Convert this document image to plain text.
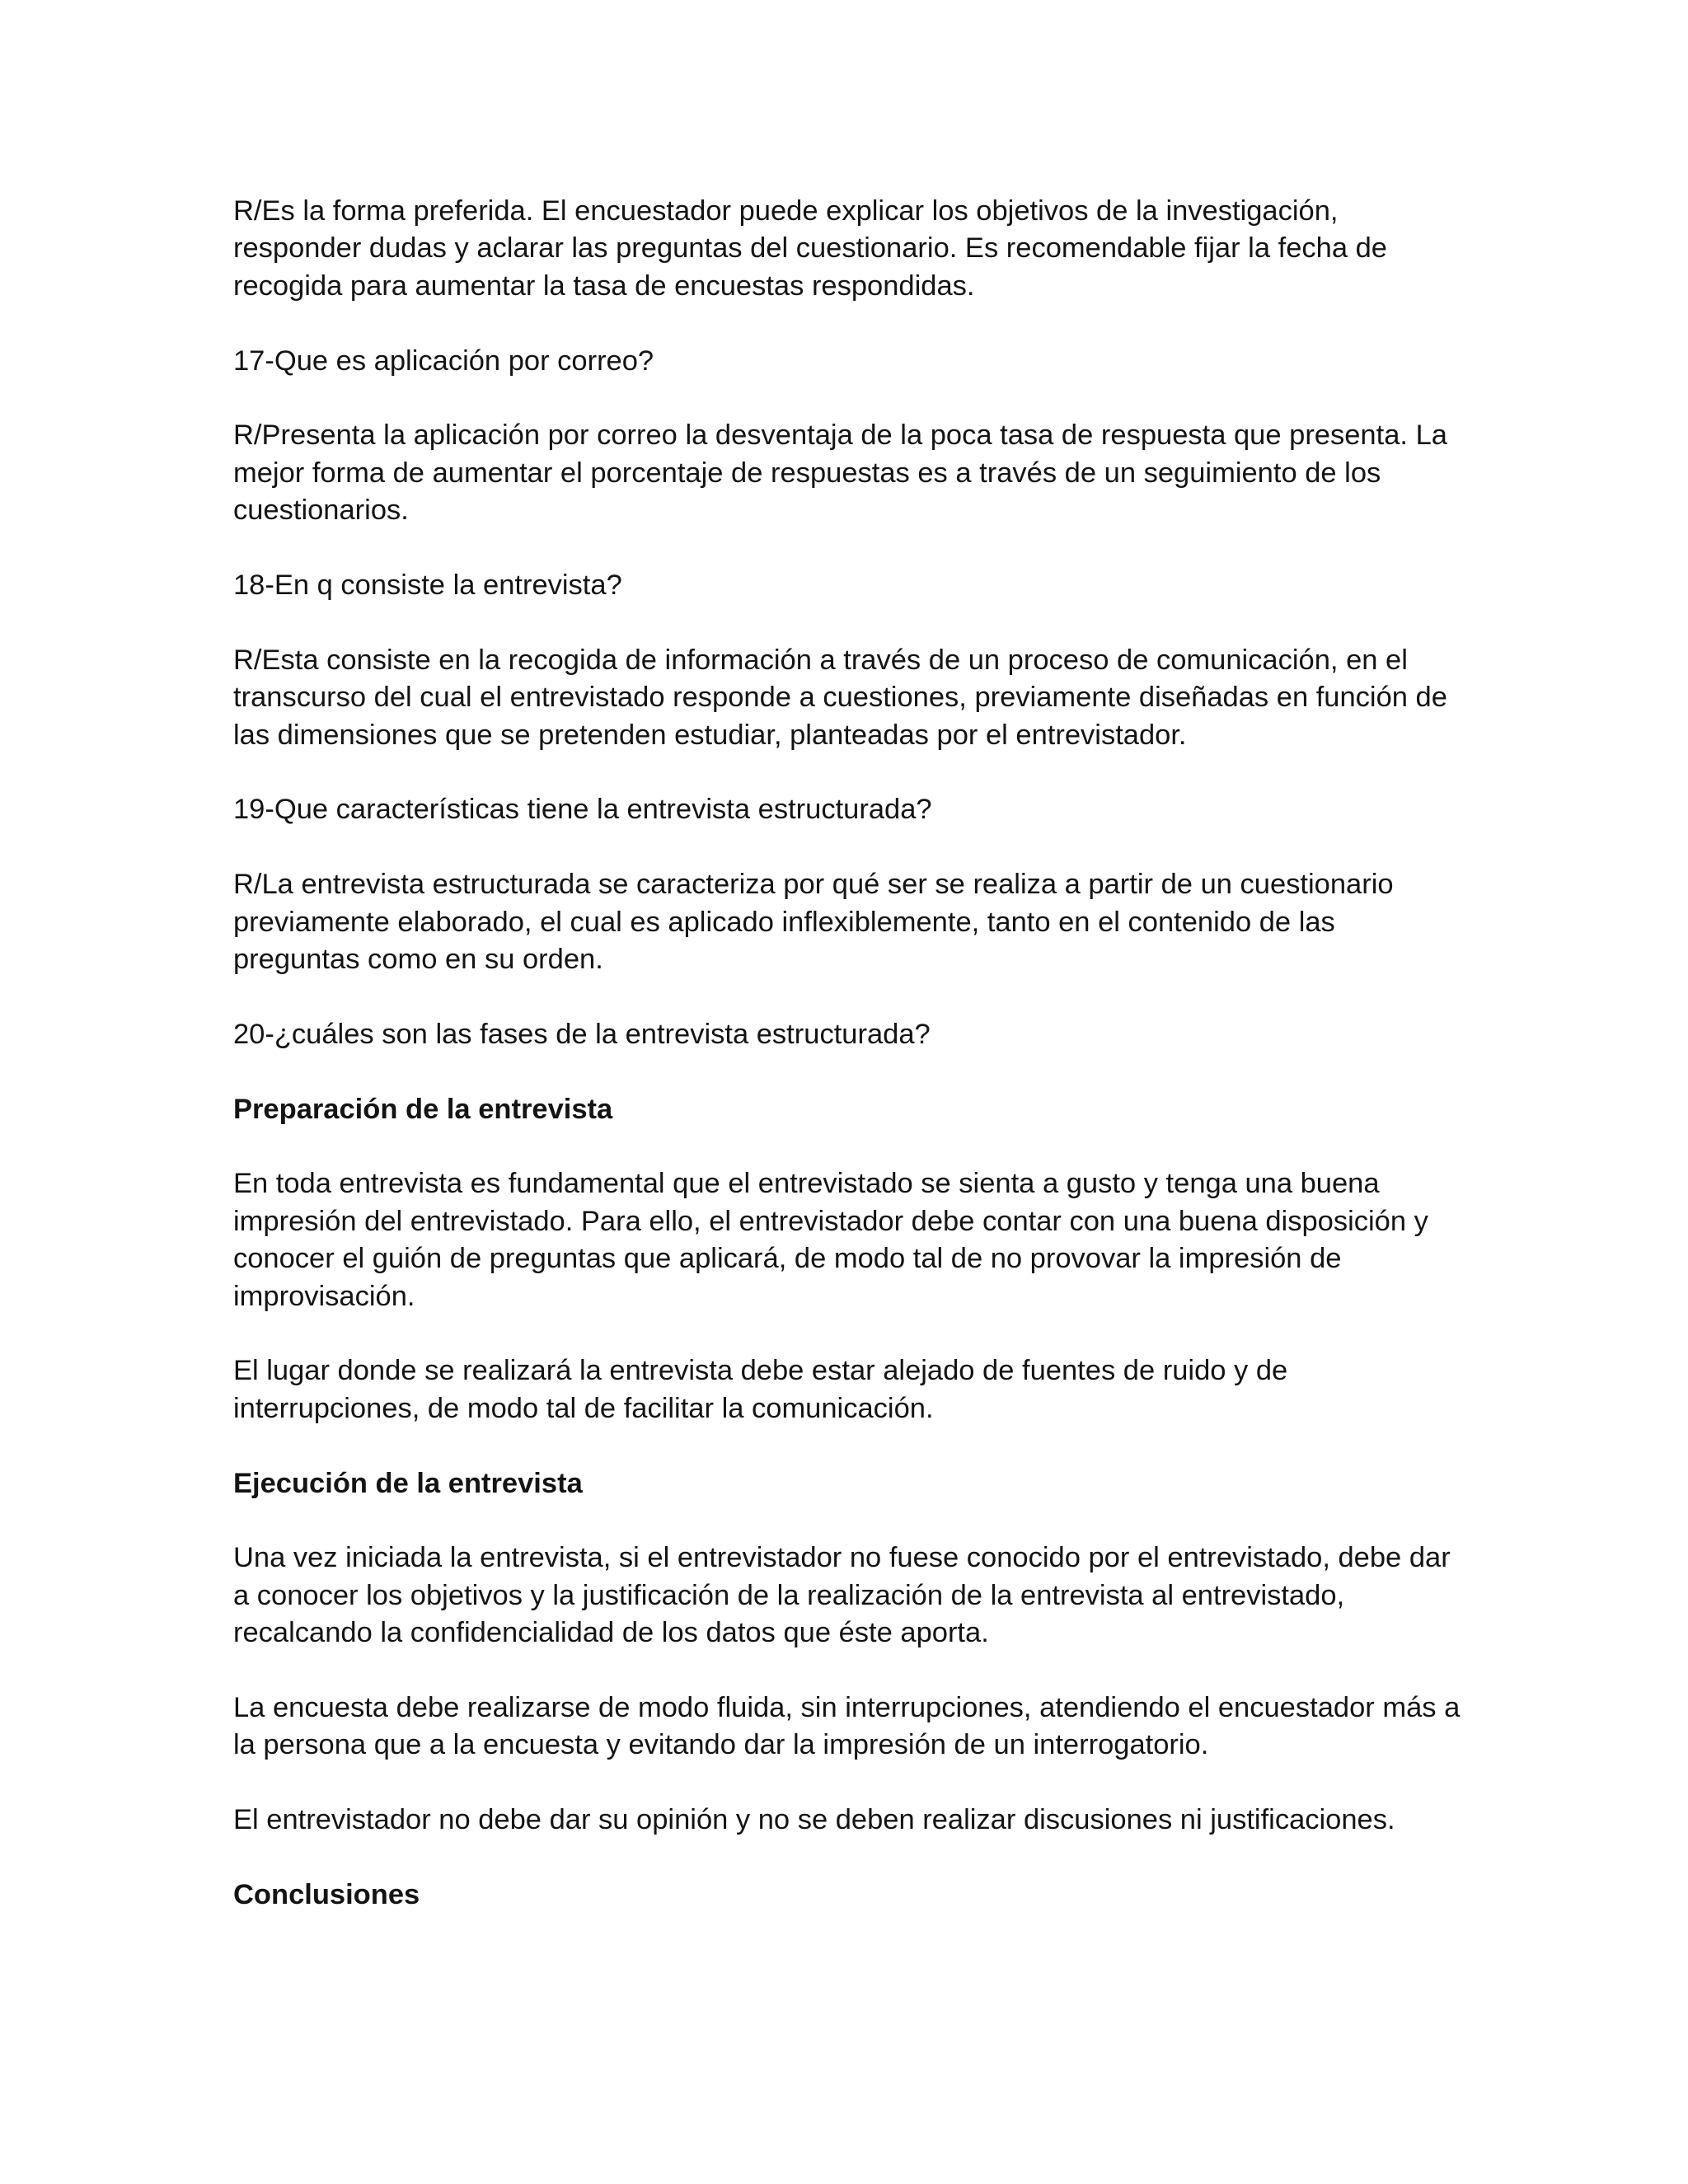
R/Es la forma preferida. El encuestador puede explicar los objetivos de la investigación, responder dudas y aclarar las preguntas del cuestionario. Es recomendable fijar la fecha de recogida para aumentar la tasa de encuestas respondidas.

17-Que es aplicación por correo?

R/Presenta la aplicación por correo la desventaja de la poca tasa de respuesta que presenta. La mejor forma de aumentar el porcentaje de respuestas es a través de un seguimiento de los cuestionarios.

18-En q consiste la entrevista?

R/Esta consiste en la recogida de información a través de un proceso de comunicación, en el transcurso del cual el entrevistado responde a cuestiones, previamente diseñadas en función de las dimensiones que se pretenden estudiar, planteadas por el entrevistador.

19-Que características tiene la entrevista estructurada?

R/La entrevista estructurada se caracteriza por qué ser se realiza a partir de un cuestionario previamente elaborado, el cual es aplicado inflexiblemente, tanto en el contenido de las preguntas como en su orden.

20-¿cuáles son las fases de la entrevista estructurada?

Preparación de la entrevista

En toda entrevista es fundamental que el entrevistado se sienta a gusto y tenga una buena impresión del entrevistado. Para ello, el entrevistador debe contar con una buena disposición y conocer el guión de preguntas que aplicará, de modo tal de no provovar la impresión de improvisación.

El lugar donde se realizará la entrevista debe estar alejado de fuentes de ruido y de interrupciones, de modo tal de facilitar la comunicación.

Ejecución de la entrevista

Una vez iniciada la entrevista, si el entrevistador no fuese conocido por el entrevistado, debe dar a conocer los objetivos y la justificación de la realización de la entrevista al entrevistado, recalcando la confidencialidad de los datos que éste aporta.

La encuesta debe realizarse de modo fluida, sin interrupciones, atendiendo el encuestador más a la persona que a la encuesta y evitando dar la impresión de un interrogatorio.

El entrevistador no debe dar su opinión y no se deben realizar discusiones ni justificaciones.

Conclusiones
